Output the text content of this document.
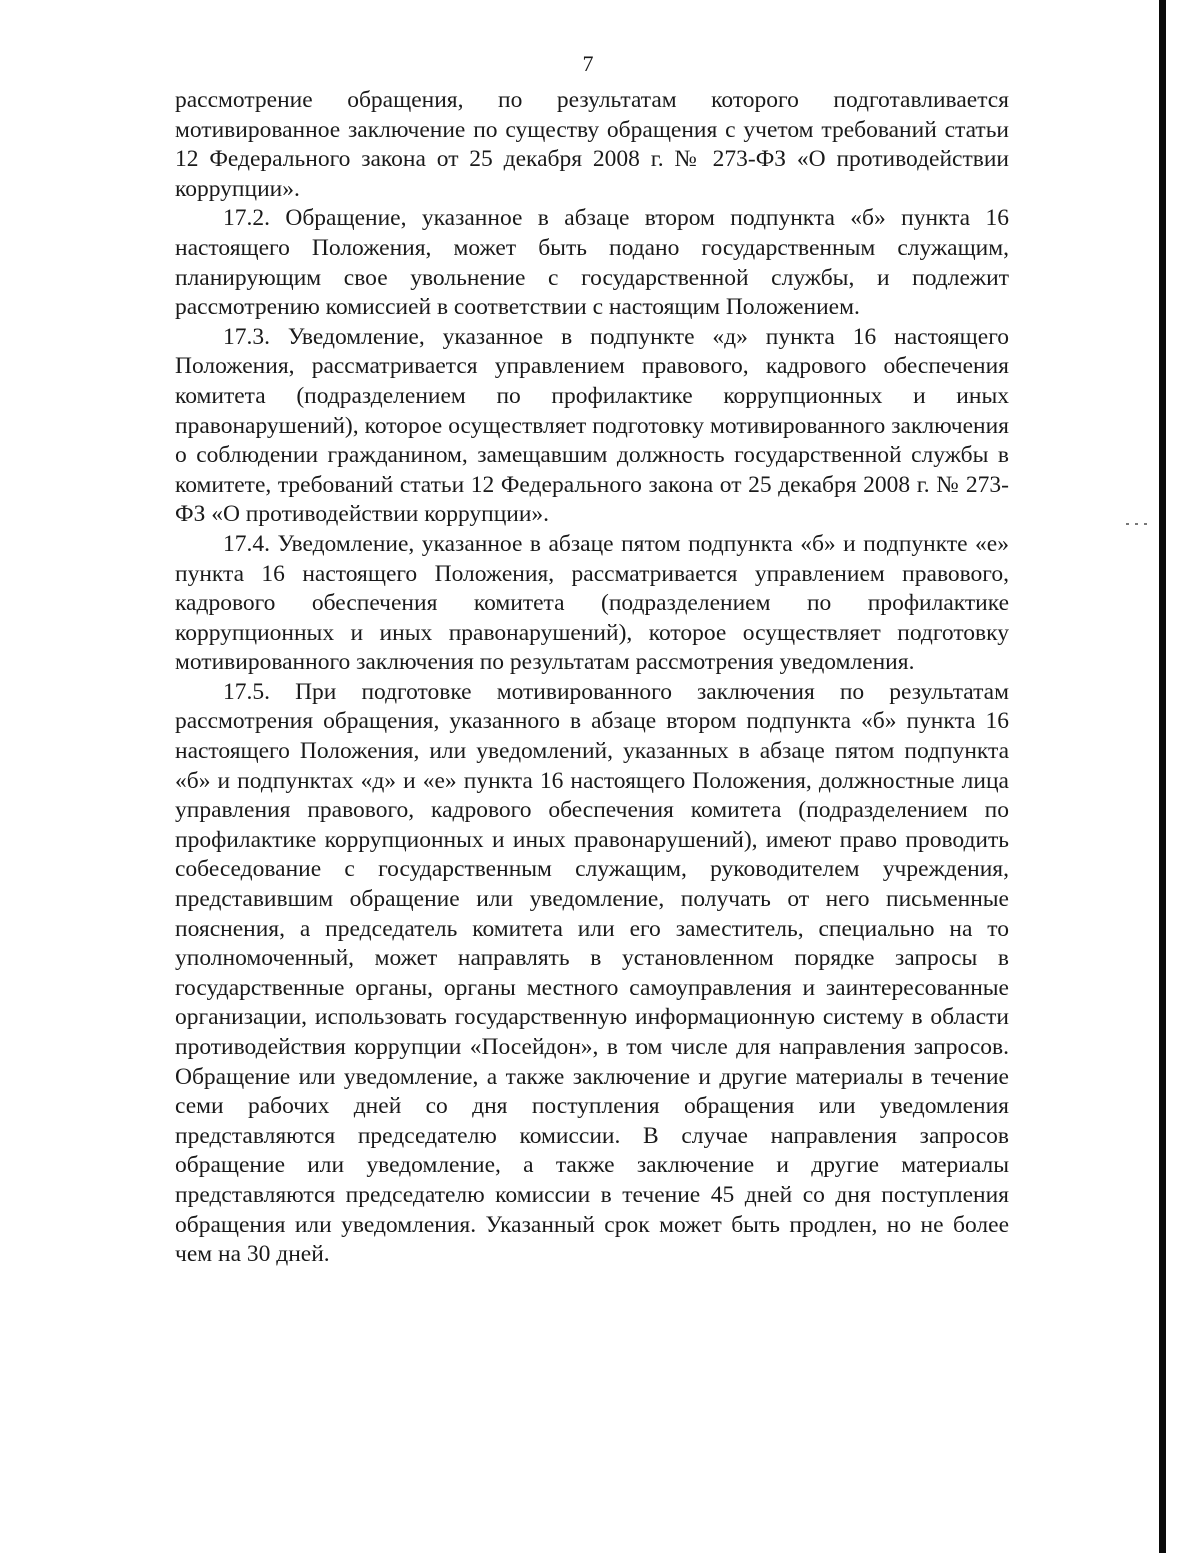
7

рассмотрение обращения, по результатам которого подготавливается мотивированное заключение по существу обращения с учетом требований статьи 12 Федерального закона от 25 декабря 2008 г. № 273-ФЗ «О противодействии коррупции».

17.2. Обращение, указанное в абзаце втором подпункта «б» пункта 16 настоящего Положения, может быть подано государственным служащим, планирующим свое увольнение с государственной службы, и подлежит рассмотрению комиссией в соответствии с настоящим Положением.

17.3. Уведомление, указанное в подпункте «д» пункта 16 настоящего Положения, рассматривается управлением правового, кадрового обеспечения комитета (подразделением по профилактике коррупционных и иных правонарушений), которое осуществляет подготовку мотивированного заключения о соблюдении гражданином, замещавшим должность государственной службы в комитете, требований статьи 12 Федерального закона от 25 декабря 2008 г. № 273-ФЗ «О противодействии коррупции».

17.4. Уведомление, указанное в абзаце пятом подпункта «б» и подпункте «е» пункта 16 настоящего Положения, рассматривается управлением правового, кадрового обеспечения комитета (подразделением по профилактике коррупционных и иных правонарушений), которое осуществляет подготовку мотивированного заключения по результатам рассмотрения уведомления.

17.5. При подготовке мотивированного заключения по результатам рассмотрения обращения, указанного в абзаце втором подпункта «б» пункта 16 настоящего Положения, или уведомлений, указанных в абзаце пятом подпункта «б» и подпунктах «д» и «е» пункта 16 настоящего Положения, должностные лица управления правового, кадрового обеспечения комитета (подразделением по профилактике коррупционных и иных правонарушений), имеют право проводить собеседование с государственным служащим, руководителем учреждения, представившим обращение или уведомление, получать от него письменные пояснения, а председатель комитета или его заместитель, специально на то уполномоченный, может направлять в установленном порядке запросы в государственные органы, органы местного самоуправления и заинтересованные организации, использовать государственную информационную систему в области противодействия коррупции «Посейдон», в том числе для направления запросов. Обращение или уведомление, а также заключение и другие материалы в течение семи рабочих дней со дня поступления обращения или уведомления представляются председателю комиссии. В случае направления запросов обращение или уведомление, а также заключение и другие материалы представляются председателю комиссии в течение 45 дней со дня поступления обращения или уведомления. Указанный срок может быть продлен, но не более чем на 30 дней.
